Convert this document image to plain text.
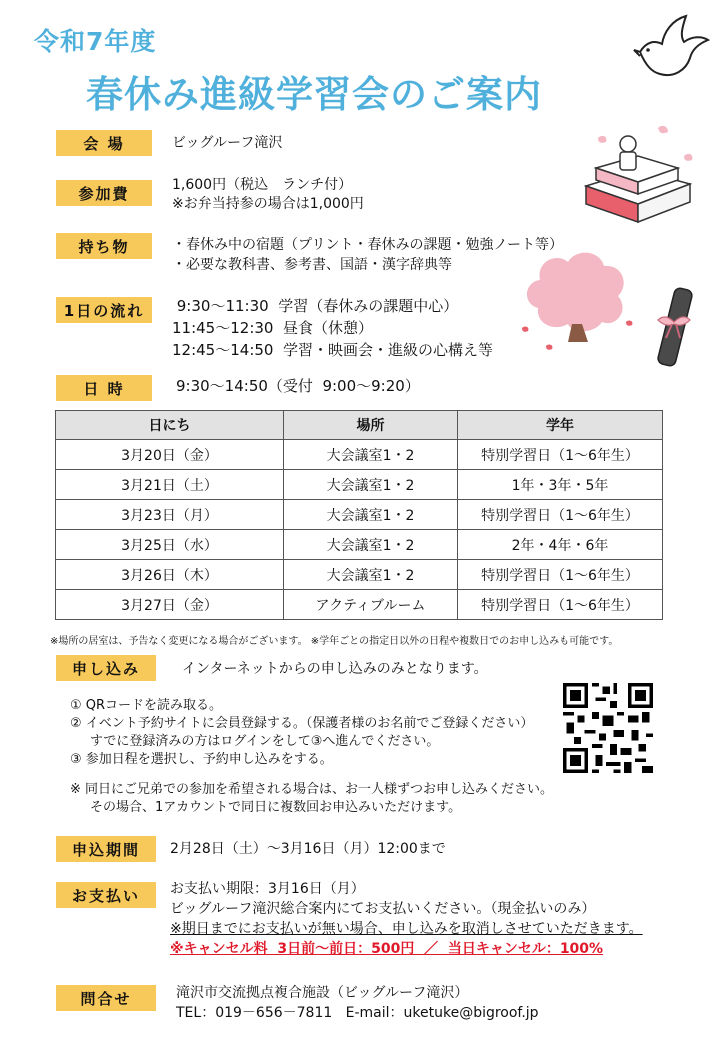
令和7年度
春休み進級学習会のご案内
会 場	ビッグルーフ滝沢
参加費	1,600円（税込　ランチ付）
※お弁当持参の場合は1,000円
持ち物	・春休み中の宿題（プリント・春休みの課題・勉強ノート等）
・必要な教科書、参考書、国語・漢字辞典等
1日の流れ	9:30～11:30  学習（春休みの課題中心）
11:45～12:30  昼食（休憩）
12:45～14:50  学習・映画会・進級の心構え等
日 時	9:30～14:50（受付  9:00～9:20）
日にち	場所	学年
3月20日（金）	大会議室1・2	特別学習日（1～6年生）
3月21日（土）	大会議室1・2	1年・3年・5年
3月23日（月）	大会議室1・2	特別学習日（1～6年生）
3月25日（水）	大会議室1・2	2年・4年・6年
3月26日（木）	大会議室1・2	特別学習日（1～6年生）
3月27日（金）	アクティブルーム	特別学習日（1～6年生）
※場所の居室は、予告なく変更になる場合がございます。 ※学年ごとの指定日以外の日程や複数日でのお申し込みも可能です。
申し込み	インターネットからの申し込みのみとなります。
① QRコードを読み取る。
② イベント予約サイトに会員登録する。（保護者様のお名前でご登録ください）
すでに登録済みの方はログインをして③へ進んでください。
③ 参加日程を選択し、予約申し込みをする。
※ 同日にご兄弟での参加を希望される場合は、お一人様ずつお申し込みください。
その場合、1アカウントで同日に複数回お申込みいただけます。
申込期間	2月28日（土）～3月16日（月）12:00まで
お支払い	お支払い期限：3月16日（月）
ビッグルーフ滝沢総合案内にてお支払いください。（現金払いのみ）
※期日までにお支払いが無い場合、申し込みを取消しさせていただきます。
※キャンセル料  3日前～前日：500円  ／  当日キャンセル：100%
問合せ	滝沢市交流拠点複合施設（ビッグルーフ滝沢）
TEL：019－656－7811   E-mail：uketuke@bigroof.jp
